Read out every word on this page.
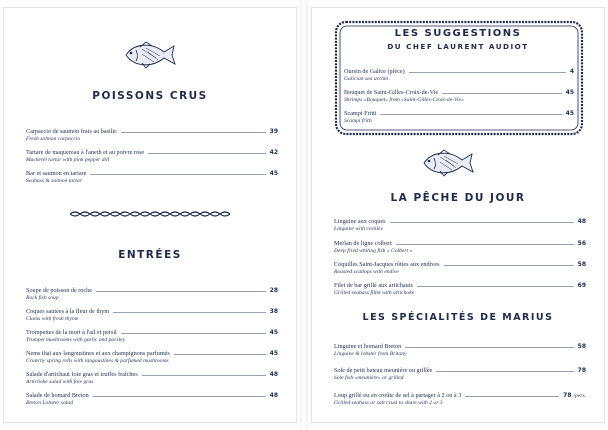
POISSONS CRUS
Carpaccio de saumon frais au basilic	39
Fresh salmon carpaccio
Tartare de maquereau à l'aneth et au poivre rose	42
Mackerel tartar with pink pepper dill
Bar et saumon en tartare	45
Seabass & salmon tartar
ENTRÉES
Soupe de poisson de roche	28
Rock fish soup
Coques sautées à la fleur de thym	38
Clams with fresh thyme
Trompettes de la mort à l'ail et persil	45
Trumpet mushrooms with garlic and parsley
Nems thaï aux langoustines et aux champignons parfumés	45
Crunchy spring rolls with langoustines & parfumed mushrooms
Salade d'artichaut foie gras et truffes fraîches	48
Artichoke salad with foie gras
Salade de homard Breton	48
Breton Lobster salad
LES SUGGESTIONS
DU CHEF LAURENT AUDIOT
Oursin de Galice (pièce)	4
Galician sea urchin
Bouquet de Saint-Gilles-Croix-de-Vie	45
Shrimps «Bouquet» from «Saint-Gilles-Croix-de-Vie»
Scampi Fritti	45
Scampi fritti
LA PÊCHE DU JOUR
Linguine aux coques	48
Linguine with cockles
Merlan de ligne colbert	56
Deep fried whiting fish « Colbert »
Coquilles Saint-Jacques rôties aux endives	58
Roasted scallops with endive
Filet de bar grillé aux artichauts	69
Grilled seabass fillet with artichoke
LES SPÉCIALITÉS DE MARIUS
Linguine et homard Breton	58
Linguine & lobster from Britany
Sole de petit bateau meunière ou grillée	78
Sole fish «meunière» or grilled
Loup grillé ou en croûte de sel à partager à 2 ou à 3	78 /pers.
Grilled seabass or salt crust to share with 2 or 3
